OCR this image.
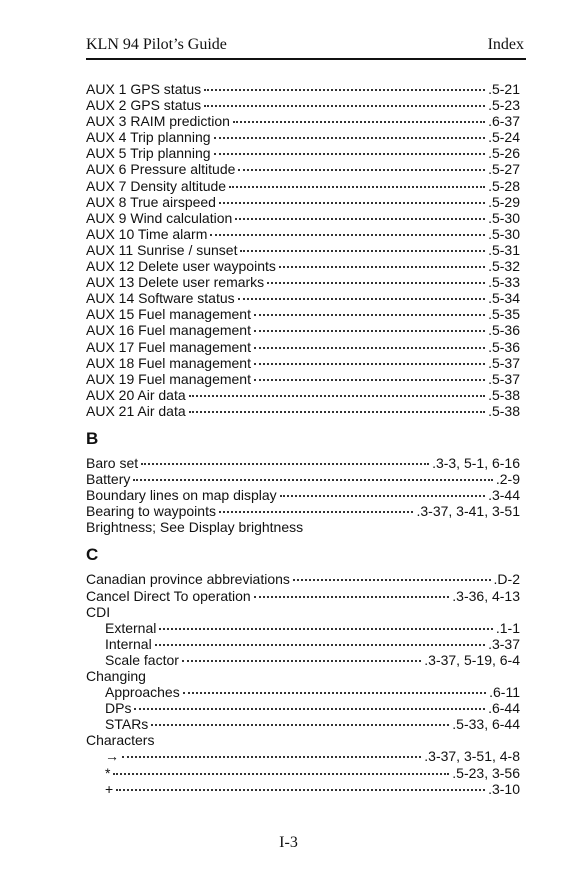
KLN 94 Pilot’s Guide	Index
AUX 1 GPS status	.5-21
AUX 2 GPS status	.5-23
AUX 3 RAIM prediction	.6-37
AUX 4 Trip planning	.5-24
AUX 5 Trip planning	.5-26
AUX 6 Pressure altitude	.5-27
AUX 7 Density altitude	.5-28
AUX 8 True airspeed	.5-29
AUX 9 Wind calculation	.5-30
AUX 10 Time alarm	.5-30
AUX 11 Sunrise / sunset	.5-31
AUX 12 Delete user waypoints	.5-32
AUX 13 Delete user remarks	.5-33
AUX 14 Software status	.5-34
AUX 15 Fuel management	.5-35
AUX 16 Fuel management	.5-36
AUX 17 Fuel management	.5-36
AUX 18 Fuel management	.5-37
AUX 19 Fuel management	.5-37
AUX 20 Air data	.5-38
AUX 21 Air data	.5-38
B
Baro set	.3-3, 5-1, 6-16
Battery	.2-9
Boundary lines on map display	.3-44
Bearing to waypoints	.3-37, 3-41, 3-51
Brightness; See Display brightness
C
Canadian province abbreviations	.D-2
Cancel Direct To operation	.3-36, 4-13
CDI
External	.1-1
Internal	.3-37
Scale factor	.3-37, 5-19, 6-4
Changing
Approaches	.6-11
DPs	.6-44
STARs	.5-33, 6-44
Characters
→	.3-37, 3-51, 4-8
*	.5-23, 3-56
+	.3-10
I-3
